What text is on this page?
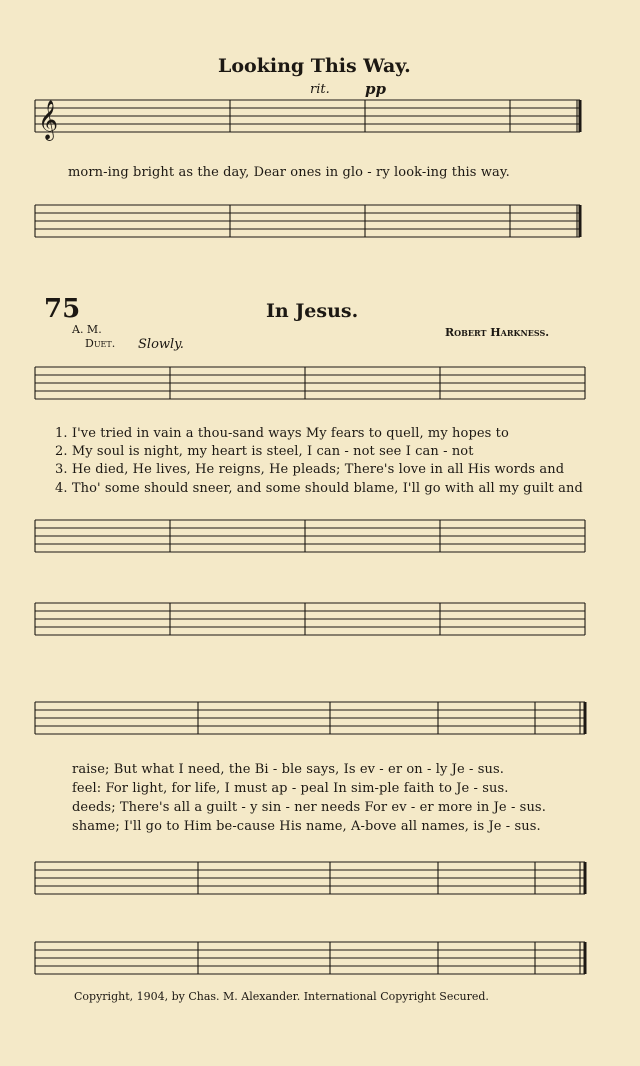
Looking This Way.
rit. pp
𝄞
morn-ing bright as the day, Dear ones in glo - ry look-ing this way.
75	In Jesus.
A. M.	Robert Harkness.
Duet. Slowly.
1. I've tried in vain a thou-sand ways My fears to quell, my hopes to
2. My soul is night, my heart is steel, I can - not see I can - not
3. He died, He lives, He reigns, He pleads; There's love in all His words and
4. Tho' some should sneer, and some should blame, I'll go with all my guilt and
raise; But what I need, the Bi - ble says, Is ev - er on - ly Je - sus.
feel: For light, for life, I must ap - peal In sim-ple faith to Je - sus.
deeds; There's all a guilt - y sin - ner needs For ev - er more in Je - sus.
shame; I'll go to Him be-cause His name, A-bove all names, is Je - sus.
Copyright, 1904, by Chas. M. Alexander. International Copyright Secured.
